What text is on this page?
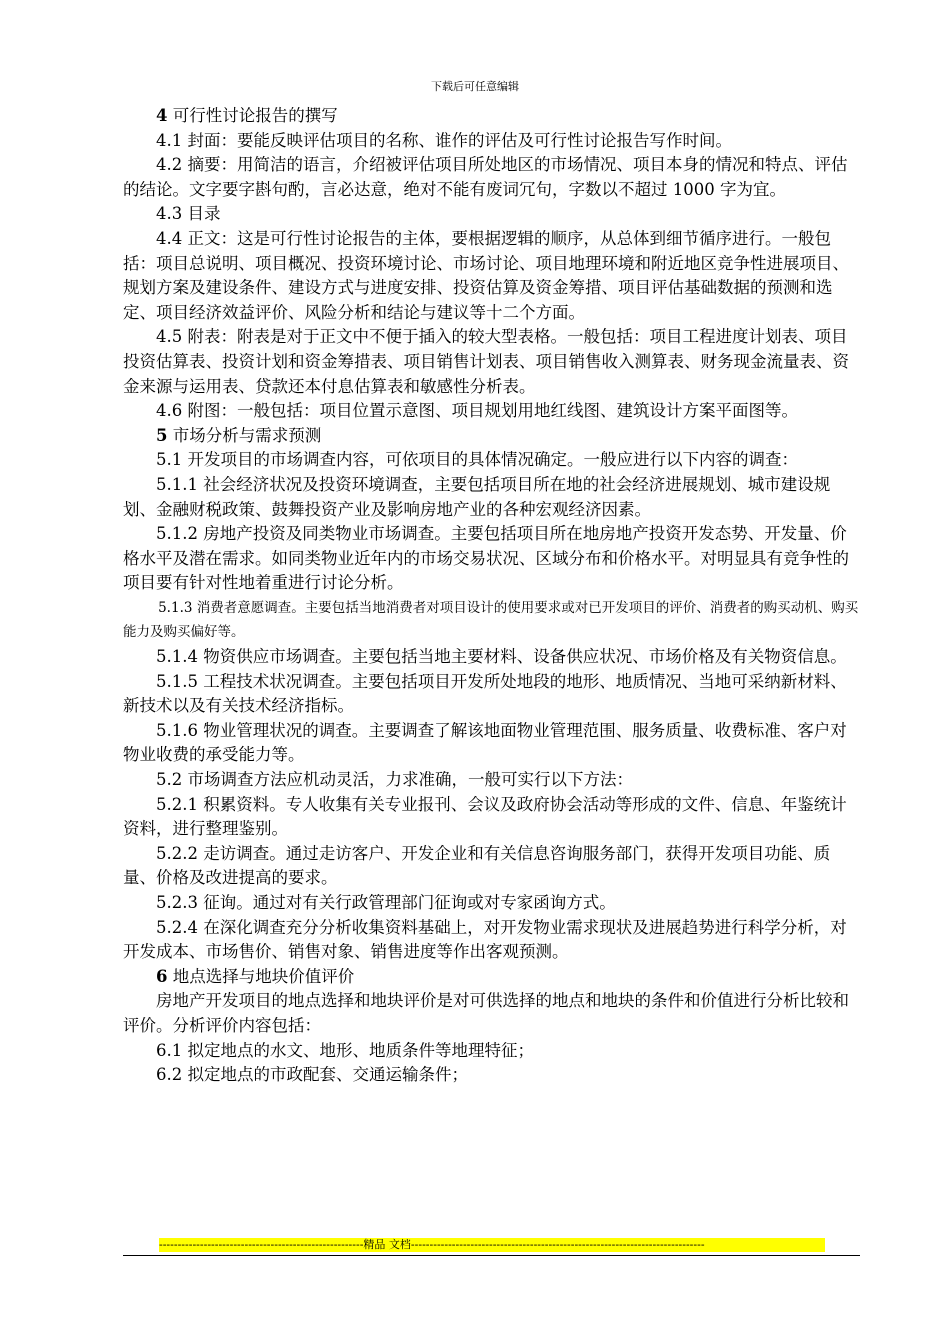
下载后可任意编辑

4 可行性讨论报告的撰写

4.1 封面：要能反映评估项目的名称、谁作的评估及可行性讨论报告写作时间。

4.2 摘要：用简洁的语言，介绍被评估项目所处地区的市场情况、项目本身的情况和特点、评估的结论。文字要字斟句酌，言必达意，绝对不能有废词冗句，字数以不超过 1000 字为宜。

4.3 目录

4.4 正文：这是可行性讨论报告的主体，要根据逻辑的顺序，从总体到细节循序进行。一般包括：项目总说明、项目概况、投资环境讨论、市场讨论、项目地理环境和附近地区竞争性进展项目、规划方案及建设条件、建设方式与进度安排、投资估算及资金筹措、项目评估基础数据的预测和选定、项目经济效益评价、风险分析和结论与建议等十二个方面。

4.5 附表：附表是对于正文中不便于插入的较大型表格。一般包括：项目工程进度计划表、项目投资估算表、投资计划和资金筹措表、项目销售计划表、项目销售收入测算表、财务现金流量表、资金来源与运用表、贷款还本付息估算表和敏感性分析表。

4.6 附图：一般包括：项目位置示意图、项目规划用地红线图、建筑设计方案平面图等。

5 市场分析与需求预测

5.1 开发项目的市场调查内容，可依项目的具体情况确定。一般应进行以下内容的调查：

5.1.1 社会经济状况及投资环境调查，主要包括项目所在地的社会经济进展规划、城市建设规划、金融财税政策、鼓舞投资产业及影响房地产业的各种宏观经济因素。

5.1.2 房地产投资及同类物业市场调查。主要包括项目所在地房地产投资开发态势、开发量、价格水平及潜在需求。如同类物业近年内的市场交易状况、区域分布和价格水平。对明显具有竞争性的项目要有针对性地着重进行讨论分析。

5.1.3 消费者意愿调查。主要包括当地消费者对项目设计的使用要求或对已开发项目的评价、消费者的购买动机、购买能力及购买偏好等。

5.1.4 物资供应市场调查。主要包括当地主要材料、设备供应状况、市场价格及有关物资信息。

5.1.5 工程技术状况调查。主要包括项目开发所处地段的地形、地质情况、当地可采纳新材料、新技术以及有关技术经济指标。

5.1.6 物业管理状况的调查。主要调查了解该地面物业管理范围、服务质量、收费标准、客户对物业收费的承受能力等。

5.2 市场调查方法应机动灵活，力求准确，一般可实行以下方法：

5.2.1 积累资料。专人收集有关专业报刊、会议及政府协会活动等形成的文件、信息、年鉴统计资料，进行整理鉴别。

5.2.2 走访调查。通过走访客户、开发企业和有关信息咨询服务部门，获得开发项目功能、质量、价格及改进提高的要求。

5.2.3 征询。通过对有关行政管理部门征询或对专家函询方式。

5.2.4 在深化调查充分分析收集资料基础上，对开发物业需求现状及进展趋势进行科学分析，对开发成本、市场售价、销售对象、销售进度等作出客观预测。

6 地点选择与地块价值评价

房地产开发项目的地点选择和地块评价是对可供选择的地点和地块的条件和价值进行分析比较和评价。分析评价内容包括：

6.1 拟定地点的水文、地形、地质条件等地理特征；

6.2 拟定地点的市政配套、交通运输条件；

-------------------------------------------------------精品 文档-------------------------------------------------------------------------------
